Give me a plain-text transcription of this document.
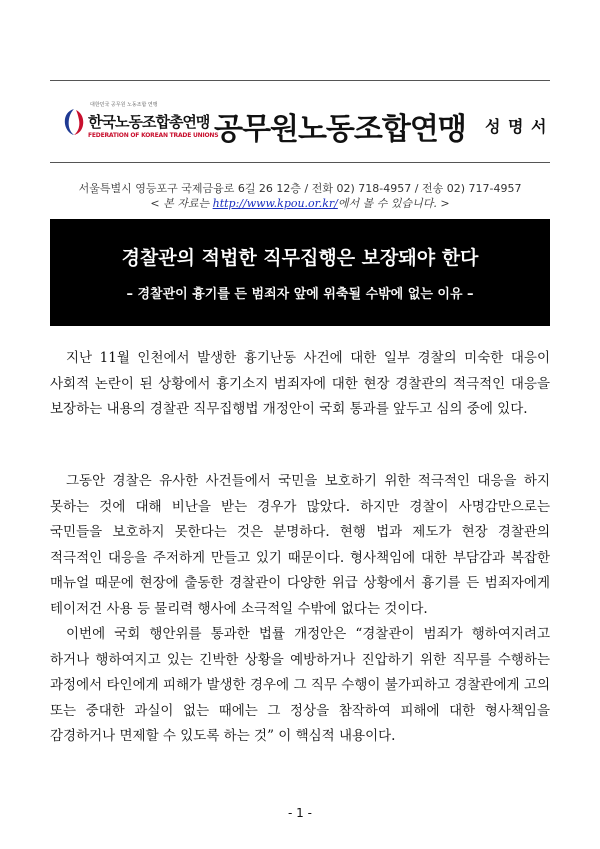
대한민국 공무원 노동조합 연맹
한국노동조합총연맹
FEDERATION OF KOREAN TRADE UNIONS
공무원노동조합연맹 성 명 서
서울특별시 영등포구 국제금융로 6길 26 12층 / 전화 02) 718-4957 / 전송 02) 717-4957
< 본 자료는 http://www.kpou.or.kr/에서 볼 수 있습니다. >
경찰관의 적법한 직무집행은 보장돼야 한다
– 경찰관이 흉기를 든 범죄자 앞에 위축될 수밖에 없는 이유 –

지난 11월 인천에서 발생한 흉기난동 사건에 대한 일부 경찰의 미숙한 대응이 사회적 논란이 된 상황에서 흉기소지 범죄자에 대한 현장 경찰관의 적극적인 대응을 보장하는 내용의 경찰관 직무집행법 개정안이 국회 통과를 앞두고 심의 중에 있다.

그동안 경찰은 유사한 사건들에서 국민을 보호하기 위한 적극적인 대응을 하지 못하는 것에 대해 비난을 받는 경우가 많았다. 하지만 경찰이 사명감만으로는 국민들을 보호하지 못한다는 것은 분명하다. 현행 법과 제도가 현장 경찰관의 적극적인 대응을 주저하게 만들고 있기 때문이다. 형사책임에 대한 부담감과 복잡한 매뉴얼 때문에 현장에 출동한 경찰관이 다양한 위급 상황에서 흉기를 든 범죄자에게 테이저건 사용 등 물리력 행사에 소극적일 수밖에 없다는 것이다.

이번에 국회 행안위를 통과한 법률 개정안은 “경찰관이 범죄가 행하여지려고 하거나 행하여지고 있는 긴박한 상황을 예방하거나 진압하기 위한 직무를 수행하는 과정에서 타인에게 피해가 발생한 경우에 그 직무 수행이 불가피하고 경찰관에게 고의 또는 중대한 과실이 없는 때에는 그 정상을 참작하여 피해에 대한 형사책임을 감경하거나 면제할 수 있도록 하는 것” 이 핵심적 내용이다.

- 1 -
